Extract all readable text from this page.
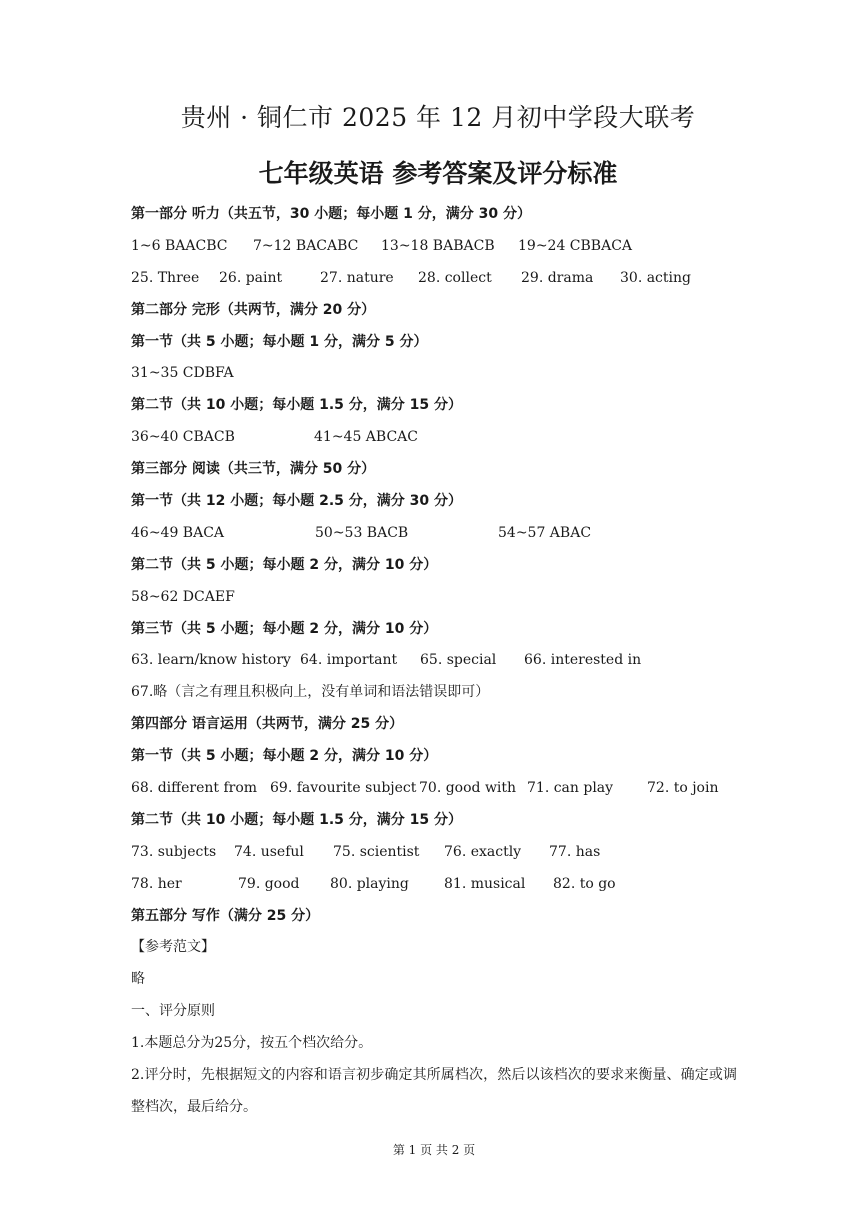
贵州 · 铜仁市 2025 年 12 月初中学段大联考
七年级英语 参考答案及评分标准
第一部分 听力（共五节，30 小题；每小题 1 分，满分 30 分）
1~6 BAACBC 7~12 BACABC 13~18 BABACB 19~24 CBBACA
25. Three 26. paint	27. nature 28. collect 29. drama 30. acting
第二部分 完形（共两节，满分 20 分）
第一节（共 5 小题；每小题 1 分，满分 5 分）
31~35 CDBFA
第二节（共 10 小题；每小题 1.5 分，满分 15 分）
36~40 CBACB	41~45 ABCAC
第三部分 阅读（共三节，满分 50 分）
第一节（共 12 小题；每小题 2.5 分，满分 30 分）
46~49 BACA	50~53 BACB	54~57 ABAC
第二节（共 5 小题；每小题 2 分，满分 10 分）
58~62 DCAEF
第三节（共 5 小题；每小题 2 分，满分 10 分）
63. learn/know history 64. important 65. special 66. interested in
67.略（言之有理且积极向上，没有单词和语法错误即可）
第四部分 语言运用（共两节，满分 25 分）
第一节（共 5 小题；每小题 2 分，满分 10 分）
68. different from 69. favourite subject 70. good with 71. can play 72. to join
第二节（共 10 小题；每小题 1.5 分，满分 15 分）
73. subjects 74. useful 75. scientist 76. exactly 77. has
78. her	79. good 80. playing	81. musical 82. to go
第五部分 写作（满分 25 分）
【参考范文】
略
一、评分原则
1.本题总分为25分，按五个档次给分。
2.评分时，先根据短文的内容和语言初步确定其所属档次，然后以该档次的要求来衡量、确定或调整档次，最后给分。
第 1 页 共 2 页
